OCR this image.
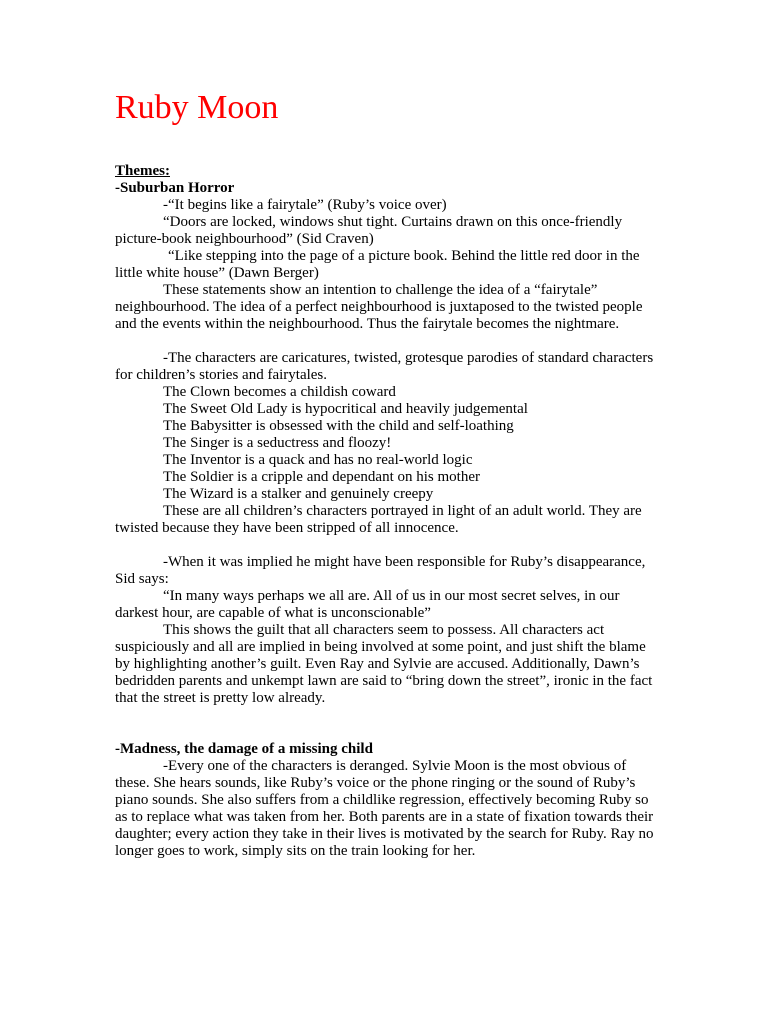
Ruby Moon

Themes:

-Suburban Horror

-“It begins like a fairytale” (Ruby’s voice over)

“Doors are locked, windows shut tight. Curtains drawn on this once-friendly picture-book neighbourhood” (Sid Craven)

“Like stepping into the page of a picture book. Behind the little red door in the little white house” (Dawn Berger)

These statements show an intention to challenge the idea of a “fairytale” neighbourhood. The idea of a perfect neighbourhood is juxtaposed to the twisted people and the events within the neighbourhood. Thus the fairytale becomes the nightmare.

-The characters are caricatures, twisted, grotesque parodies of standard characters for children’s stories and fairytales.

The Clown becomes a childish coward

The Sweet Old Lady is hypocritical and heavily judgemental

The Babysitter is obsessed with the child and self-loathing

The Singer is a seductress and floozy!

The Inventor is a quack and has no real-world logic

The Soldier is a cripple and dependant on his mother

The Wizard is a stalker and genuinely creepy

These are all children’s characters portrayed in light of an adult world. They are twisted because they have been stripped of all innocence.

-When it was implied he might have been responsible for Ruby’s disappearance, Sid says:

“In many ways perhaps we all are. All of us in our most secret selves, in our darkest hour, are capable of what is unconscionable”

This shows the guilt that all characters seem to possess. All characters act suspiciously and all are implied in being involved at some point, and just shift the blame by highlighting another’s guilt. Even Ray and Sylvie are accused. Additionally, Dawn’s bedridden parents and unkempt lawn are said to “bring down the street”, ironic in the fact that the street is pretty low already.

-Madness, the damage of a missing child

-Every one of the characters is deranged. Sylvie Moon is the most obvious of these. She hears sounds, like Ruby’s voice or the phone ringing or the sound of Ruby’s piano sounds. She also suffers from a childlike regression, effectively becoming Ruby so as to replace what was taken from her. Both parents are in a state of fixation towards their daughter; every action they take in their lives is motivated by the search for Ruby. Ray no longer goes to work, simply sits on the train looking for her.
